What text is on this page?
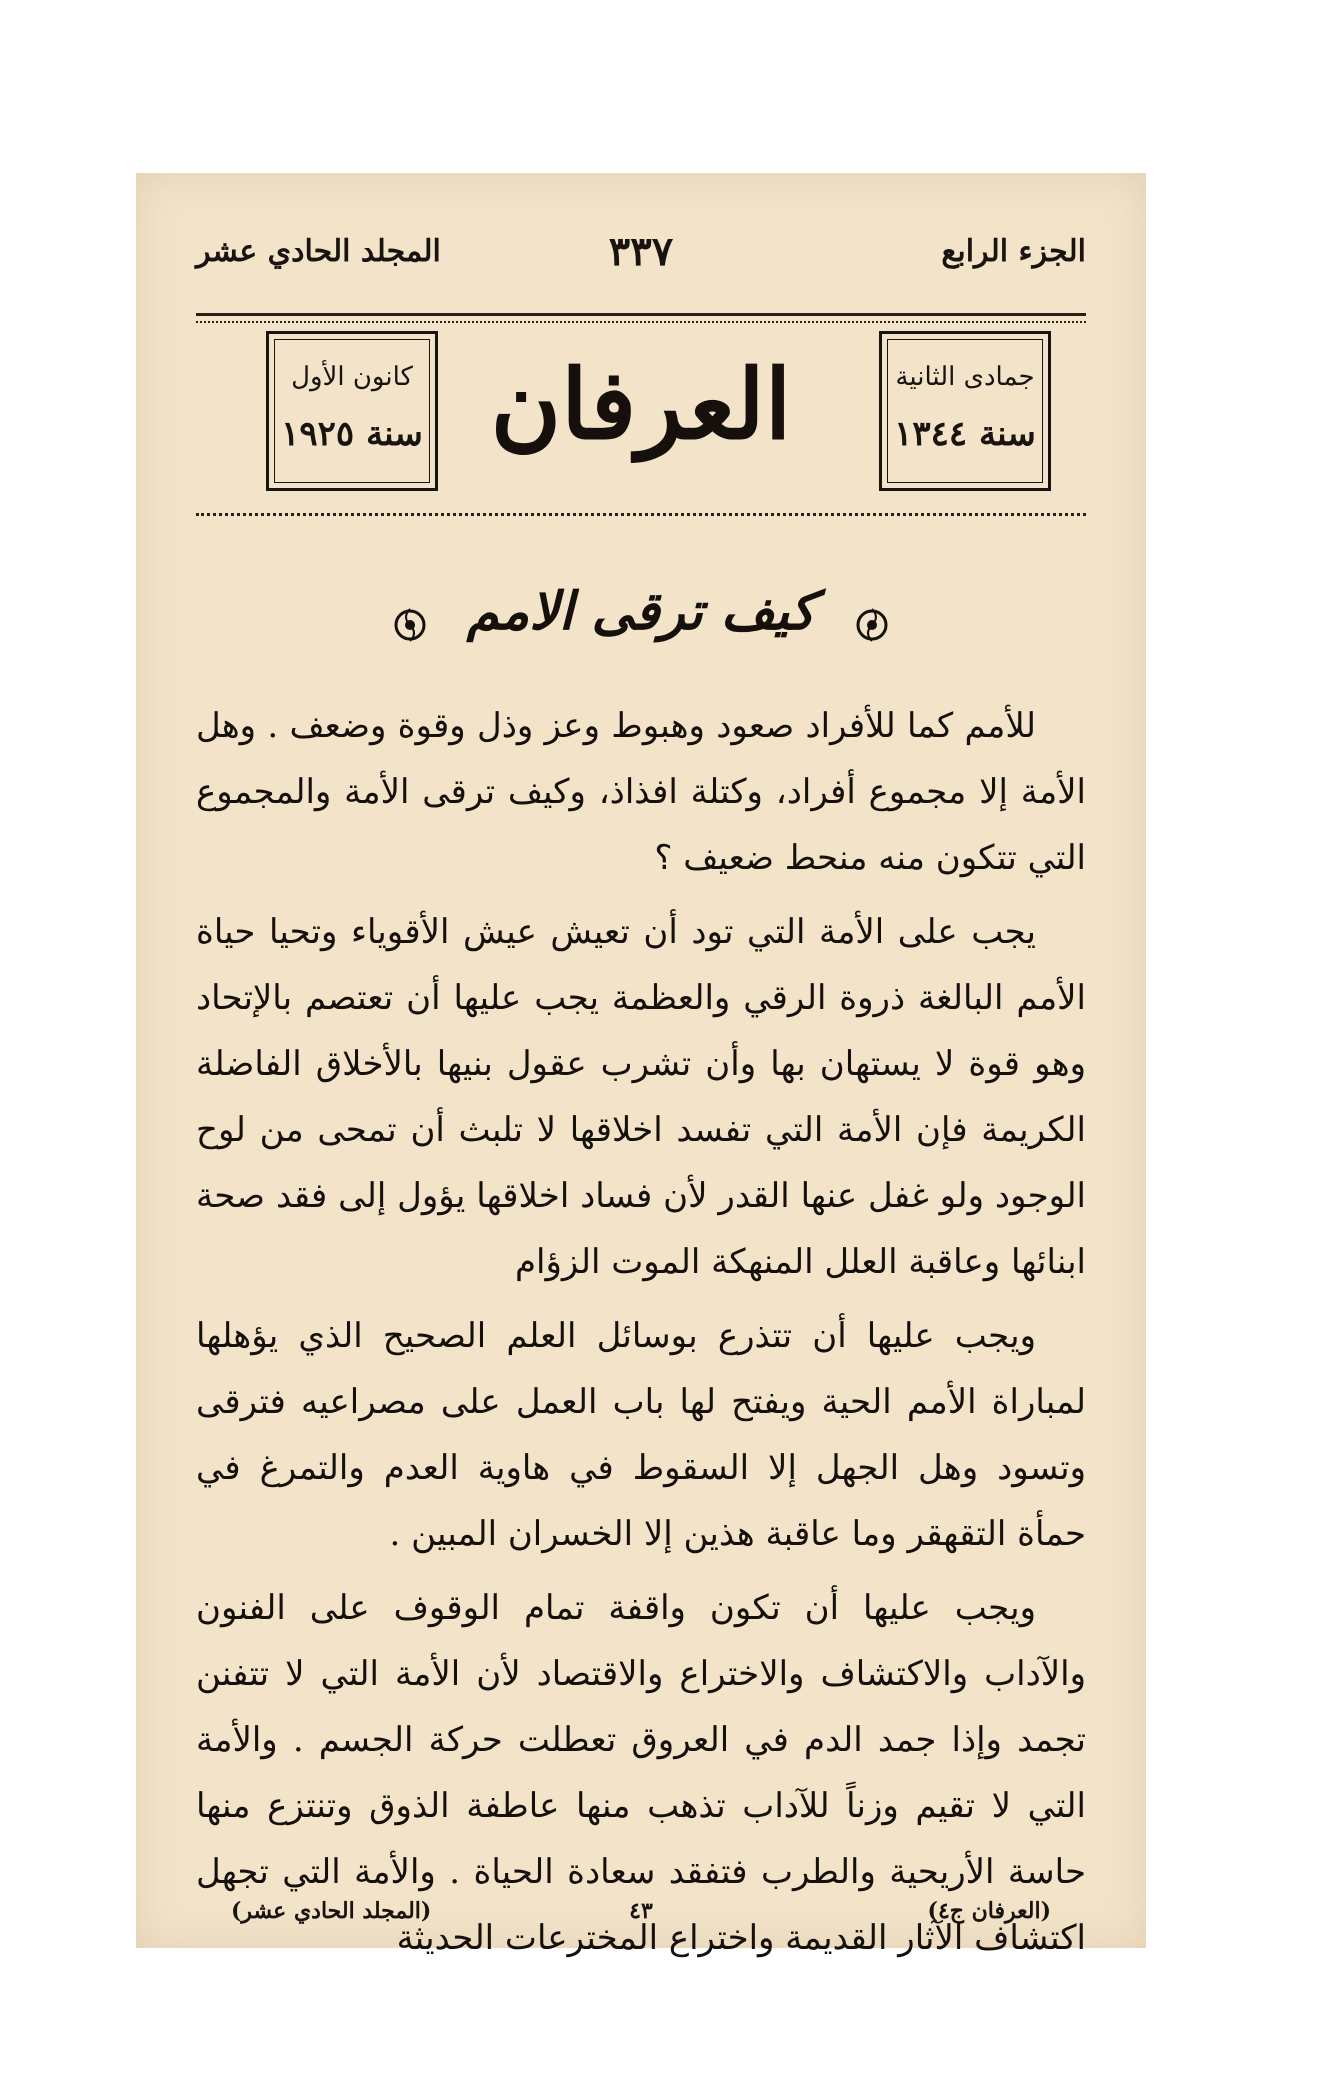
الجزء الرابع
٣٣٧
المجلد الحادي عشر
جمادى الثانية
سنة ١٣٤٤
العرفان
كانون الأول
سنة ١٩٢٥
كيف ترقى الامم

للأمم كما للأفراد صعود وهبوط وعز وذل وقوة وضعف . وهل الأمة إلا مجموع أفراد، وكتلة افذاذ، وكيف ترقى الأمة والمجموع التي تتكون منه منحط ضعيف ؟

يجب على الأمة التي تود أن تعيش عيش الأقوياء وتحيا حياة الأمم البالغة ذروة الرقي والعظمة يجب عليها أن تعتصم بالإتحاد وهو قوة لا يستهان بها وأن تشرب عقول بنيها بالأخلاق الفاضلة الكريمة فإن الأمة التي تفسد اخلاقها لا تلبث أن تمحى من لوح الوجود ولو غفل عنها القدر لأن فساد اخلاقها يؤول إلى فقد صحة ابنائها وعاقبة العلل المنهكة الموت الزؤام

ويجب عليها أن تتذرع بوسائل العلم الصحيح الذي يؤهلها لمباراة الأمم الحية ويفتح لها باب العمل على مصراعيه فترقى وتسود وهل الجهل إلا السقوط في هاوية العدم والتمرغ في حمأة التقهقر وما عاقبة هذين إلا الخسران المبين .

ويجب عليها أن تكون واقفة تمام الوقوف على الفنون والآداب والاكتشاف والاختراع والاقتصاد لأن الأمة التي لا تتفنن تجمد وإذا جمد الدم في العروق تعطلت حركة الجسم . والأمة التي لا تقيم وزناً للآداب تذهب منها عاطفة الذوق وتنتزع منها حاسة الأريحية والطرب فتفقد سعادة الحياة . والأمة التي تجهل اكتشاف الآثار القديمة واختراع المخترعات الحديثة

(العرفان ج٤)
٤٣
(المجلد الحادي عشر)
